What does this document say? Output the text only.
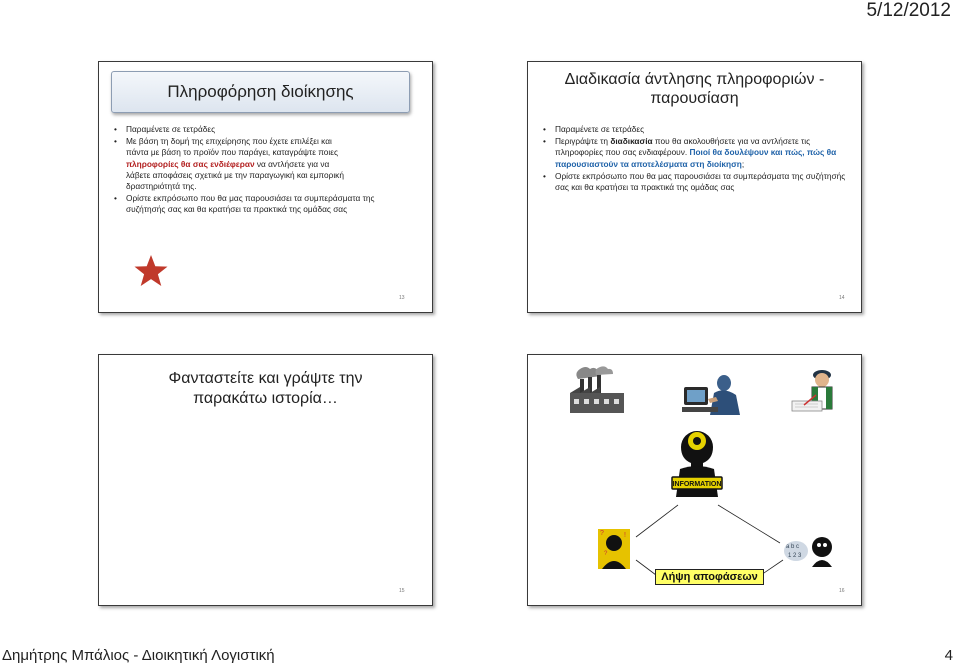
5/12/2012
Πληροφόρηση διοίκησης
• Παραμένετε σε τετράδες
• Με βάση τη δομή της επιχείρησης που έχετε επιλέξει και
πάντα με βάση το προϊόν που παράγει, καταγράψτε ποιες
πληροφορίες θα σας ενδιέφεραν να αντλήσετε για να
λάβετε αποφάσεις σχετικά με την παραγωγική και εμπορική
δραστηριότητά της.
• Ορίστε εκπρόσωπο που θα μας παρουσιάσει τα συμπεράσματα της συζήτησής σας και θα κρατήσει τα πρακτικά της ομάδας σας
13
Διαδικασία άντλησης πληροφοριών -
παρουσίαση
• Παραμένετε σε τετράδες
• Περιγράψτε τη διαδικασία που θα ακολουθήσετε για να αντλήσετε τις πληροφορίες που σας ενδιαφέρουν. Ποιοί θα δουλέψουν και πώς, πώς θα παρουσιαστούν τα αποτελέσματα στη διοίκηση;
• Ορίστε εκπρόσωπο που θα μας παρουσιάσει τα συμπεράσματα της συζήτησής σας και θα κρατήσει τα πρακτικά της ομάδας σας
14
Φανταστείτε και γράψτε την
παρακάτω ιστορία…
15
INFORMATION
?	!
?
a b c
1 2 3
Λήψη αποφάσεων
16
Δημήτρης Μπάλιος - Διοικητική Λογιστική	4
